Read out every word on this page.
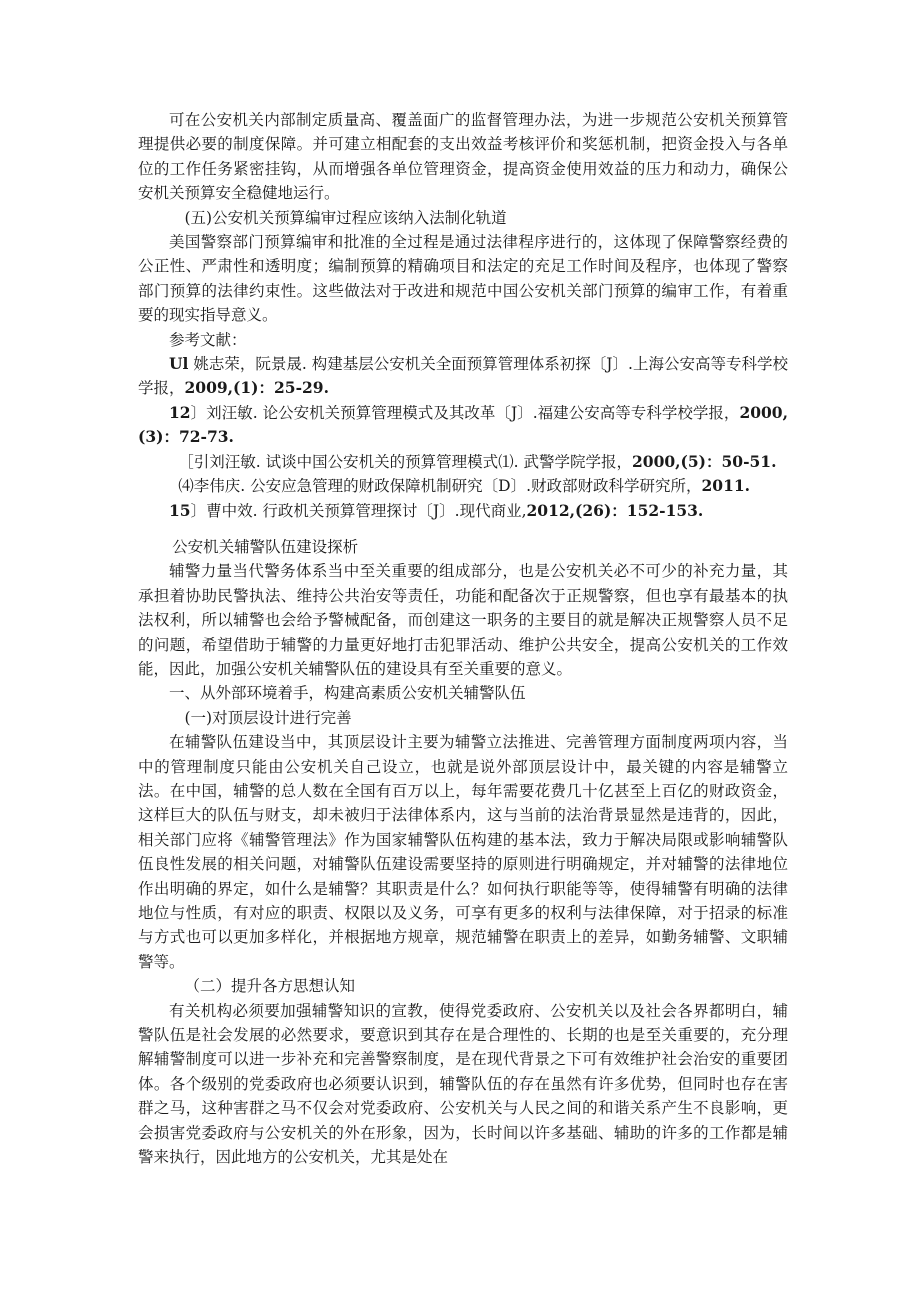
可在公安机关内部制定质量高、覆盖面广的监督管理办法，为进一步规范公安机关预算管理提供必要的制度保障。并可建立相配套的支出效益考核评价和奖惩机制，把资金投入与各单位的工作任务紧密挂钩，从而增强各单位管理资金，提高资金使用效益的压力和动力，确保公安机关预算安全稳健地运行。

(五)公安机关预算编审过程应该纳入法制化轨道

美国警察部门预算编审和批准的全过程是通过法律程序进行的，这体现了保障警察经费的公正性、严肃性和透明度；编制预算的精确项目和法定的充足工作时间及程序，也体现了警察部门预算的法律约束性。这些做法对于改进和规范中国公安机关部门预算的编审工作，有着重要的现实指导意义。

参考文献：

Ul 姚志荣，阮景晟. 构建基层公安机关全面预算管理体系初探〔J〕.上海公安高等专科学校学报，2009,(1)：25-29.

12〕刘汪敏. 论公安机关预算管理模式及其改革〔J〕.福建公安高等专科学校学报，2000,(3)：72-73.

［引刘汪敏. 试谈中国公安机关的预算管理模式⑴. 武警学院学报，2000,(5)：50-51.

⑷李伟庆. 公安应急管理的财政保障机制研究〔D〕.财政部财政科学研究所，2011.

15〕曹中效. 行政机关预算管理探讨〔J〕.现代商业,2012,(26)：152-153.

公安机关辅警队伍建设探析

辅警力量当代警务体系当中至关重要的组成部分，也是公安机关必不可少的补充力量，其承担着协助民警执法、维持公共治安等责任，功能和配备次于正规警察，但也享有最基本的执法权利，所以辅警也会给予警械配备，而创建这一职务的主要目的就是解决正规警察人员不足的问题，希望借助于辅警的力量更好地打击犯罪活动、维护公共安全，提高公安机关的工作效能，因此，加强公安机关辅警队伍的建设具有至关重要的意义。

一、从外部环境着手，构建高素质公安机关辅警队伍

(一)对顶层设计进行完善

在辅警队伍建设当中，其顶层设计主要为辅警立法推进、完善管理方面制度两项内容，当中的管理制度只能由公安机关自己设立，也就是说外部顶层设计中，最关键的内容是辅警立法。在中国，辅警的总人数在全国有百万以上，每年需要花费几十亿甚至上百亿的财政资金，这样巨大的队伍与财支，却未被归于法律体系内，这与当前的法治背景显然是违背的，因此，相关部门应将《辅警管理法》作为国家辅警队伍构建的基本法，致力于解决局限或影响辅警队伍良性发展的相关问题，对辅警队伍建设需要坚持的原则进行明确规定，并对辅警的法律地位作出明确的界定，如什么是辅警？其职责是什么？如何执行职能等等，使得辅警有明确的法律地位与性质，有对应的职责、权限以及义务，可享有更多的权利与法律保障，对于招录的标准与方式也可以更加多样化，并根据地方规章，规范辅警在职责上的差异，如勤务辅警、文职辅警等。

（二）提升各方思想认知

有关机构必须要加强辅警知识的宣教，使得党委政府、公安机关以及社会各界都明白，辅警队伍是社会发展的必然要求，要意识到其存在是合理性的、长期的也是至关重要的，充分理解辅警制度可以进一步补充和完善警察制度，是在现代背景之下可有效维护社会治安的重要团体。各个级别的党委政府也必须要认识到，辅警队伍的存在虽然有许多优势，但同时也存在害群之马，这种害群之马不仅会对党委政府、公安机关与人民之间的和谐关系产生不良影响，更会损害党委政府与公安机关的外在形象，因为，长时间以许多基础、辅助的许多的工作都是辅警来执行，因此地方的公安机关，尤其是处在
